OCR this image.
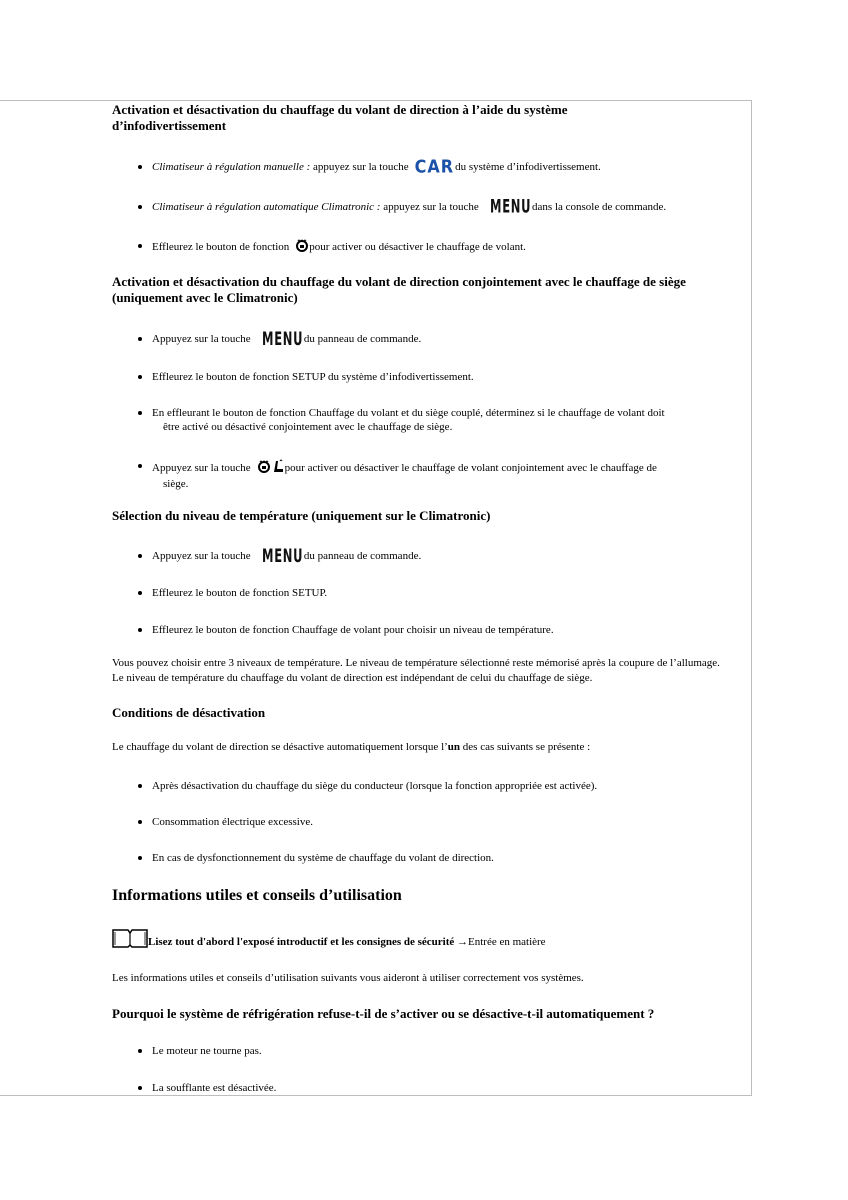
Activation et désactivation du chauffage du volant de direction à l’aide du système d’infodivertissement
Climatiseur à régulation manuelle : appuyez sur la touche CARdu système d’infodivertissement.
Climatiseur à régulation automatique Climatronic : appuyez sur la touche MENUdans la console de commande.
Effleurez le bouton de fonction pour activer ou désactiver le chauffage de volant.
Activation et désactivation du chauffage du volant de direction conjointement avec le chauffage de siège (uniquement avec le Climatronic)
Appuyez sur la touche MENUdu panneau de commande.
Effleurez le bouton de fonction SETUP du système d’infodivertissement.
En effleurant le bouton de fonction Chauffage du volant et du siège couplé, déterminez si le chauffage de volant doit
être activé ou désactivé conjointement avec le chauffage de siège.
Appuyez sur la touche	pour activer ou désactiver le chauffage de volant conjointement avec le chauffage de
siège.
Sélection du niveau de température (uniquement sur le Climatronic)
Appuyez sur la touche MENUdu panneau de commande.
Effleurez le bouton de fonction SETUP.
Effleurez le bouton de fonction Chauffage de volant pour choisir un niveau de température.

Vous pouvez choisir entre 3 niveaux de température. Le niveau de température sélectionné reste mémorisé après la coupure de l’allumage. Le niveau de température du chauffage du volant de direction est indépendant de celui du chauffage de siège.

Conditions de désactivation

Le chauffage du volant de direction se désactive automatiquement lorsque l’un des cas suivants se présente :

Après désactivation du chauffage du siège du conducteur (lorsque la fonction appropriée est activée).
Consommation électrique excessive.
En cas de dysfonctionnement du système de chauffage du volant de direction.
Informations utiles et conseils d’utilisation
Lisez tout d'abord l'exposé introductif et les consignes de sécurité →Entrée en matière

Les informations utiles et conseils d’utilisation suivants vous aideront à utiliser correctement vos systèmes.

Pourquoi le système de réfrigération refuse-t-il de s’activer ou se désactive-t-il automatiquement ?
Le moteur ne tourne pas.
La soufflante est désactivée.
